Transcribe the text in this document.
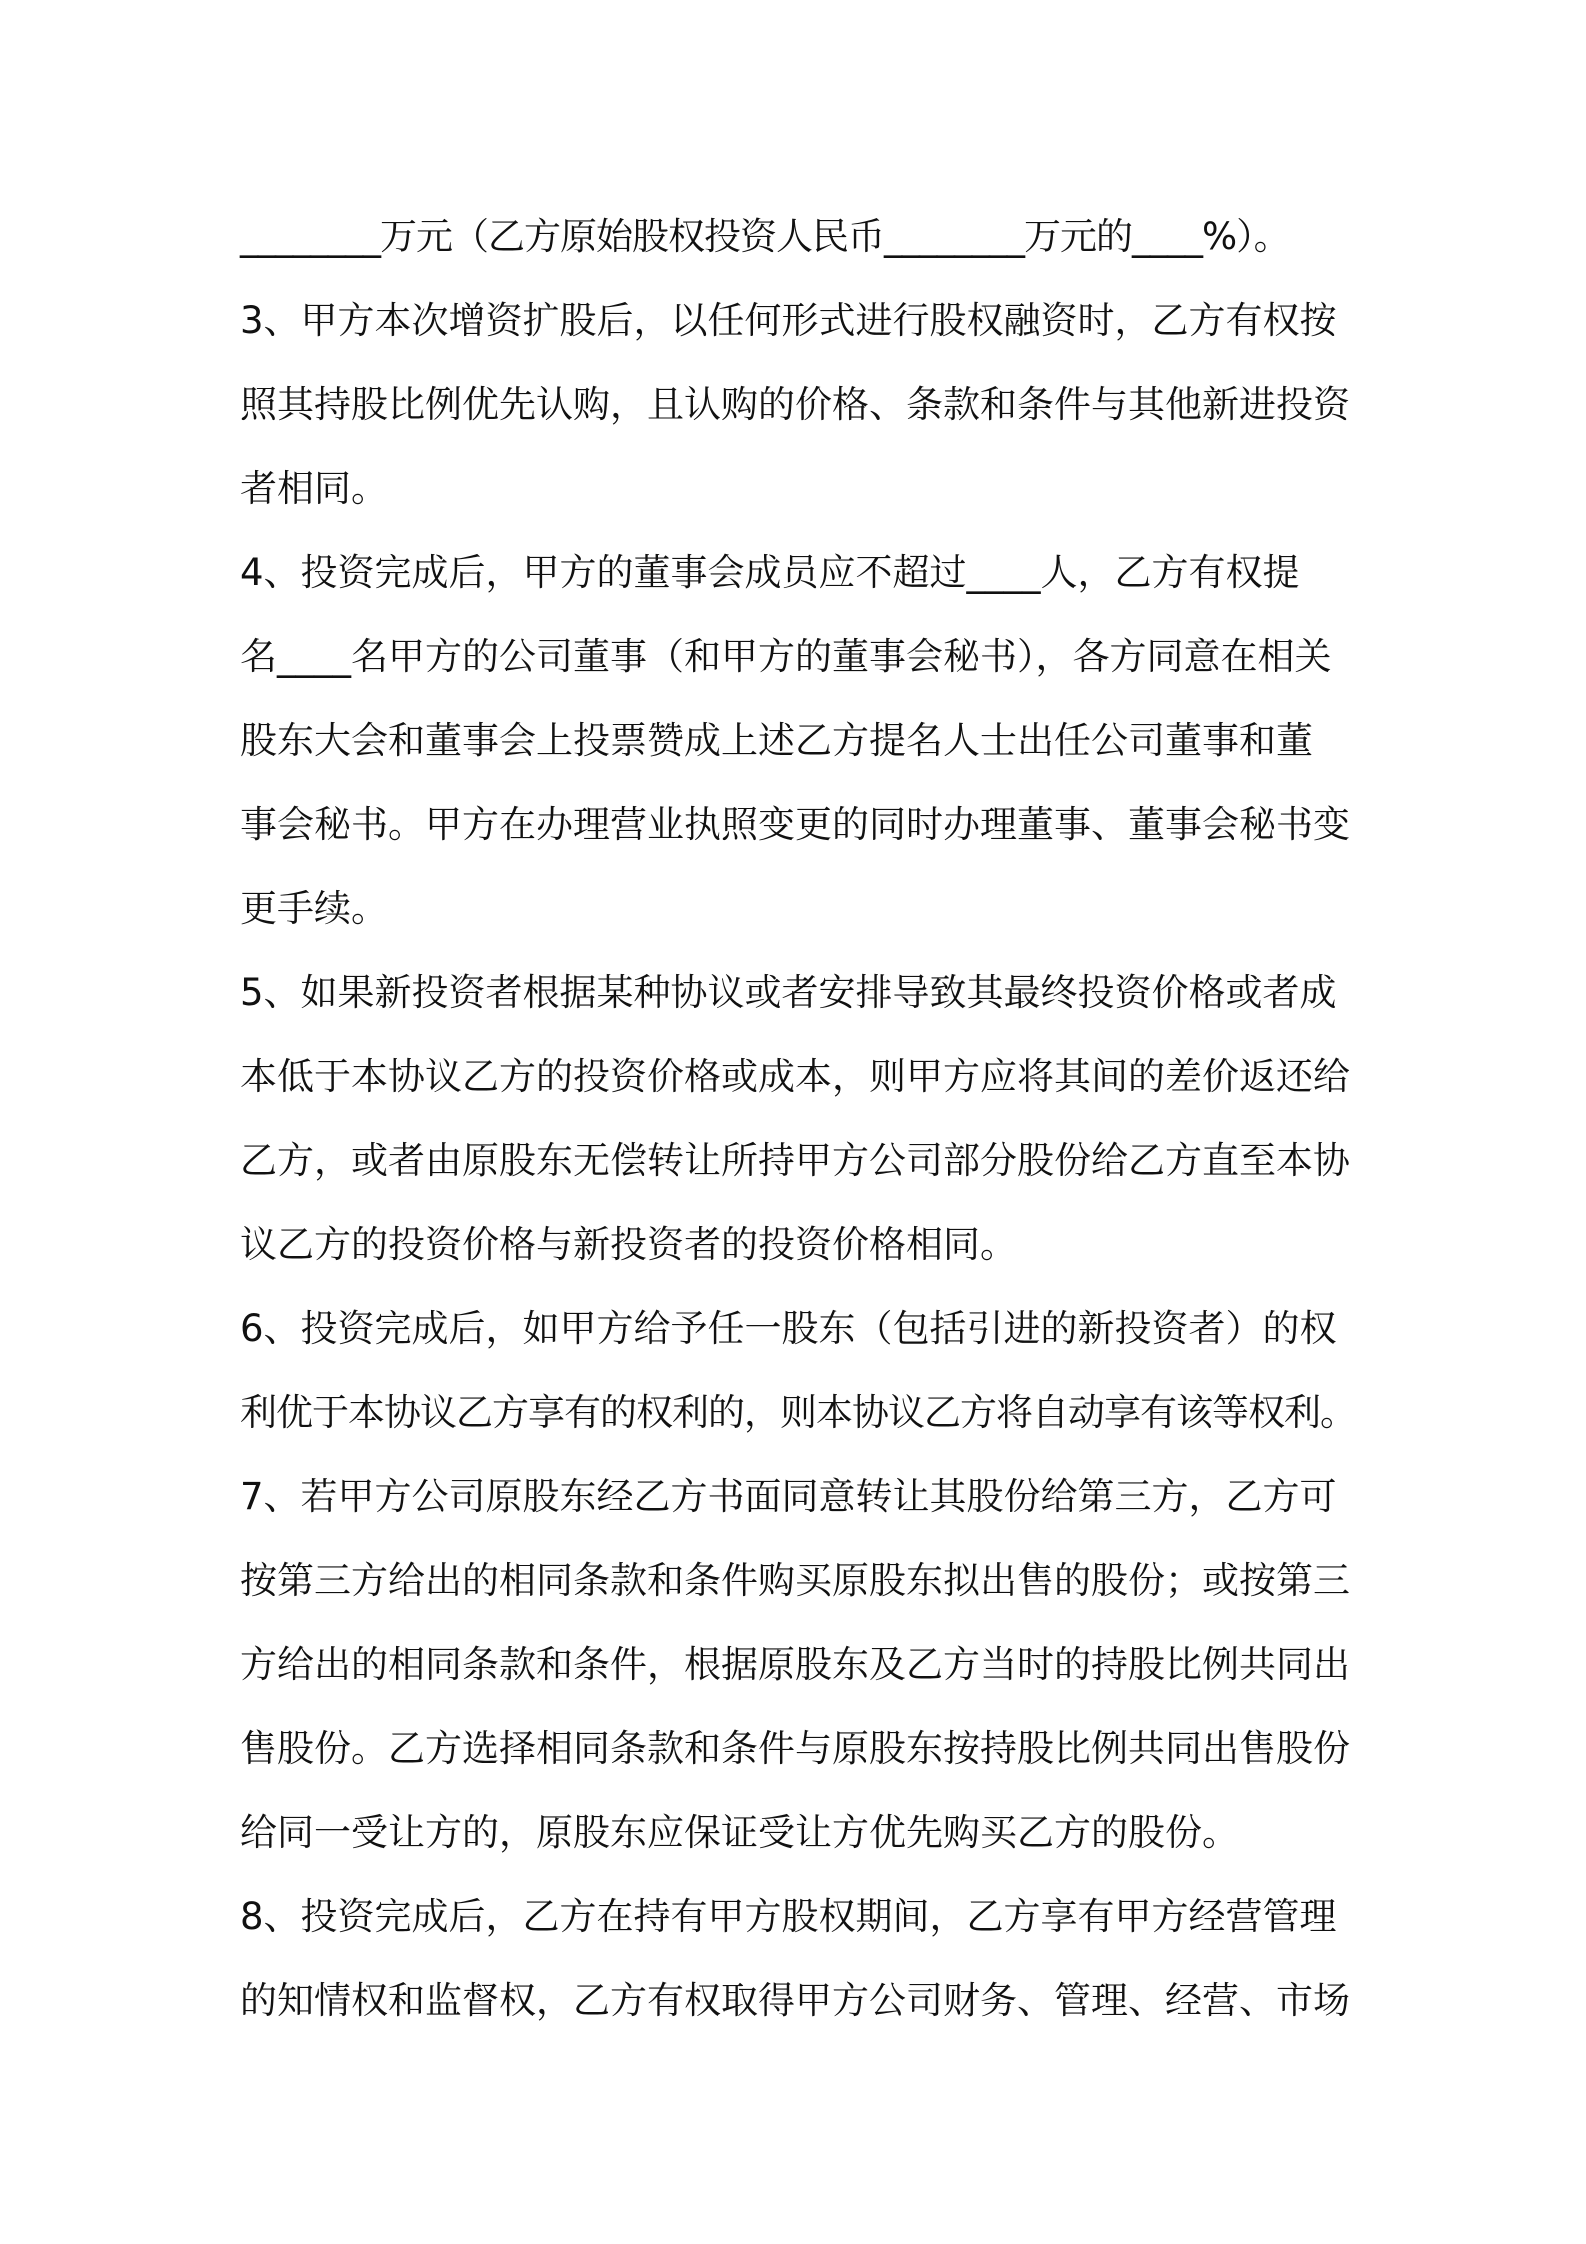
________万元（乙方原始股权投资人民币________万元的____%）。
3、甲方本次增资扩股后，以任何形式进行股权融资时，乙方有权按
照其持股比例优先认购，且认购的价格、条款和条件与其他新进投资
者相同。
4、投资完成后，甲方的董事会成员应不超过____人，乙方有权提
名____名甲方的公司董事（和甲方的董事会秘书），各方同意在相关
股东大会和董事会上投票赞成上述乙方提名人士出任公司董事和董
事会秘书。甲方在办理营业执照变更的同时办理董事、董事会秘书变
更手续。
5、如果新投资者根据某种协议或者安排导致其最终投资价格或者成
本低于本协议乙方的投资价格或成本，则甲方应将其间的差价返还给
乙方，或者由原股东无偿转让所持甲方公司部分股份给乙方直至本协
议乙方的投资价格与新投资者的投资价格相同。
6、投资完成后，如甲方给予任一股东（包括引进的新投资者）的权
利优于本协议乙方享有的权利的，则本协议乙方将自动享有该等权利。
7、若甲方公司原股东经乙方书面同意转让其股份给第三方，乙方可
按第三方给出的相同条款和条件购买原股东拟出售的股份；或按第三
方给出的相同条款和条件，根据原股东及乙方当时的持股比例共同出
售股份。乙方选择相同条款和条件与原股东按持股比例共同出售股份
给同一受让方的，原股东应保证受让方优先购买乙方的股份。
8、投资完成后，乙方在持有甲方股权期间，乙方享有甲方经营管理
的知情权和监督权，乙方有权取得甲方公司财务、管理、经营、市场
